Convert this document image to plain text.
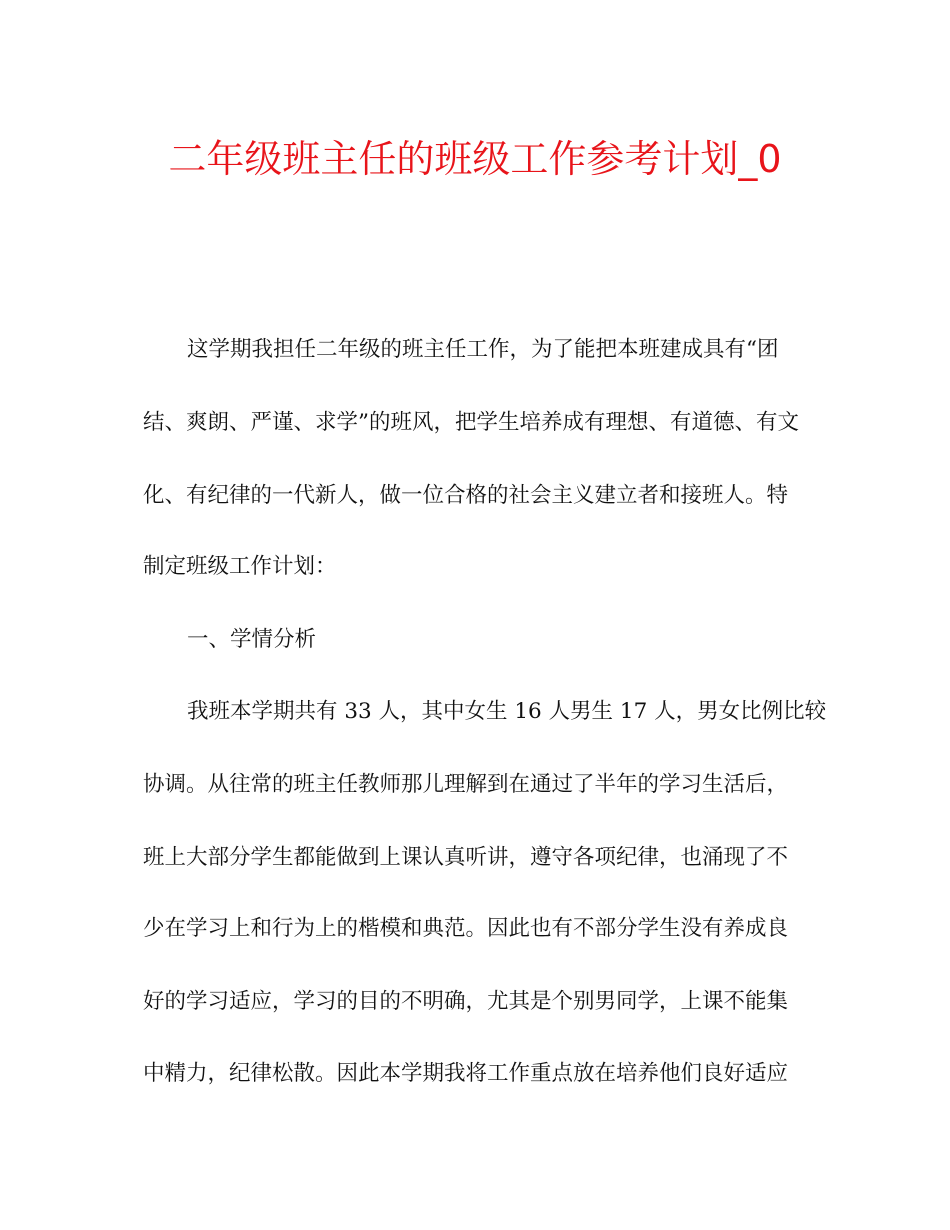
二年级班主任的班级工作参考计划_0
这学期我担任二年级的班主任工作，为了能把本班建成具有“团
结、爽朗、严谨、求学”的班风，把学生培养成有理想、有道德、有文
化、有纪律的一代新人，做一位合格的社会主义建立者和接班人。特
制定班级工作计划：
一、学情分析
我班本学期共有 33 人，其中女生 16 人男生 17 人，男女比例比较
协调。从往常的班主任教师那儿理解到在通过了半年的学习生活后，
班上大部分学生都能做到上课认真听讲，遵守各项纪律，也涌现了不
少在学习上和行为上的楷模和典范。因此也有不部分学生没有养成良
好的学习适应，学习的目的不明确，尤其是个别男同学，上课不能集
中精力，纪律松散。因此本学期我将工作重点放在培养他们良好适应
